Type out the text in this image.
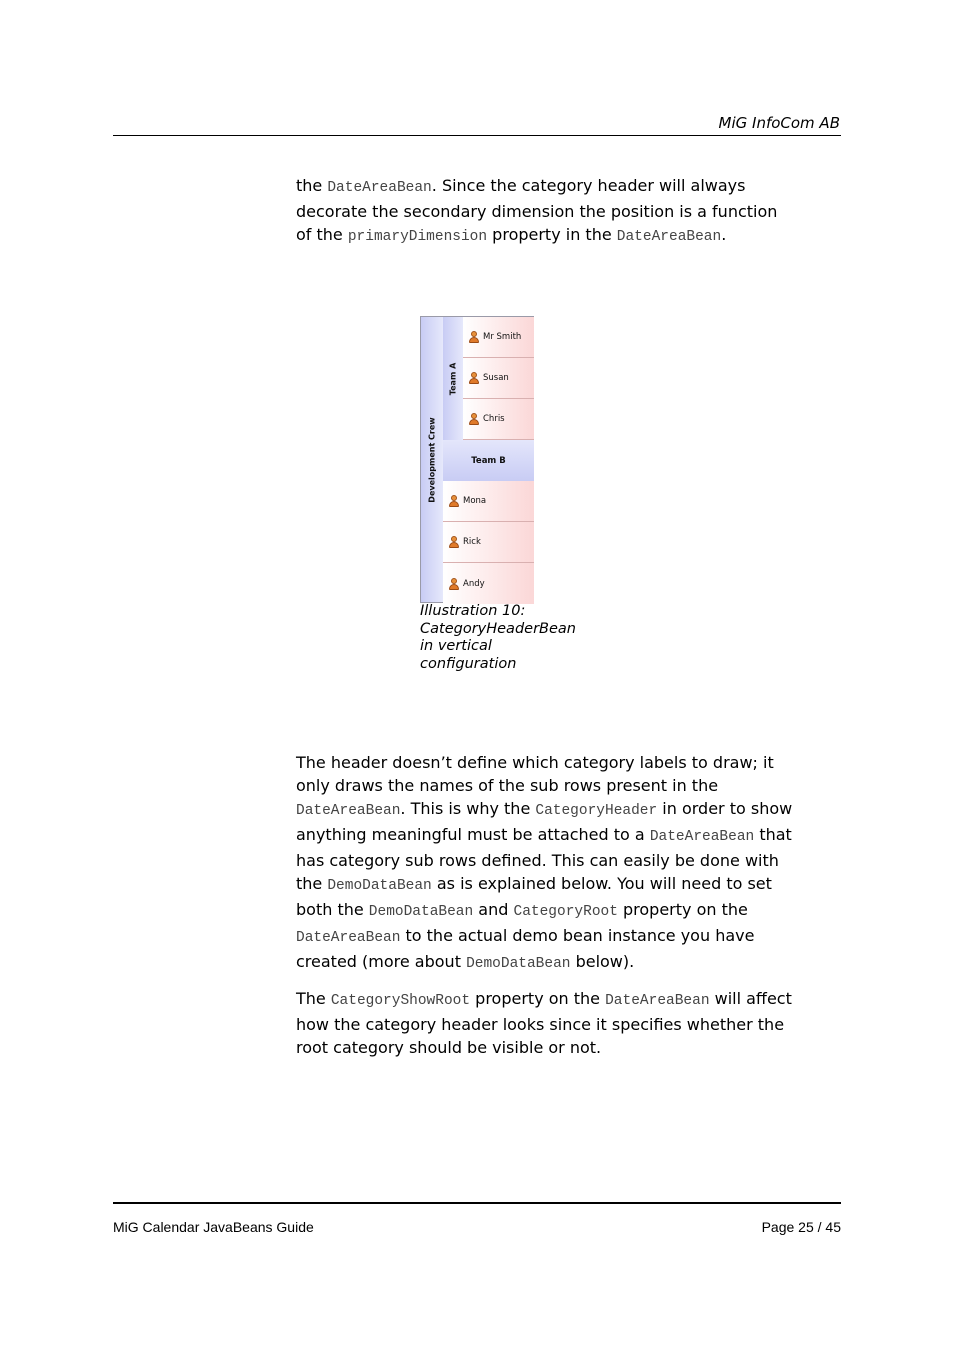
MiG InfoCom AB

the DateAreaBean. Since the category header will always decorate the secondary dimension the position is a function of the primaryDimension property in the DateAreaBean.

Development Crew
Team A
Mr Smith
Susan
Chris
Team B
Mona
Rick
Andy
Illustration 10: CategoryHeaderBean in vertical configuration

The header doesn’t define which category labels to draw; it only draws the names of the sub rows present in the DateAreaBean. This is why the CategoryHeader in order to show anything meaningful must be attached to a DateAreaBean that has category sub rows defined. This can easily be done with the DemoDataBean as is explained below. You will need to set both the DemoDataBean and CategoryRoot property on the DateAreaBean to the actual demo bean instance you have created (more about DemoDataBean below).

The CategoryShowRoot property on the DateAreaBean will affect how the category header looks since it specifies whether the root category should be visible or not.

MiG Calendar JavaBeans Guide	Page 25 / 45
